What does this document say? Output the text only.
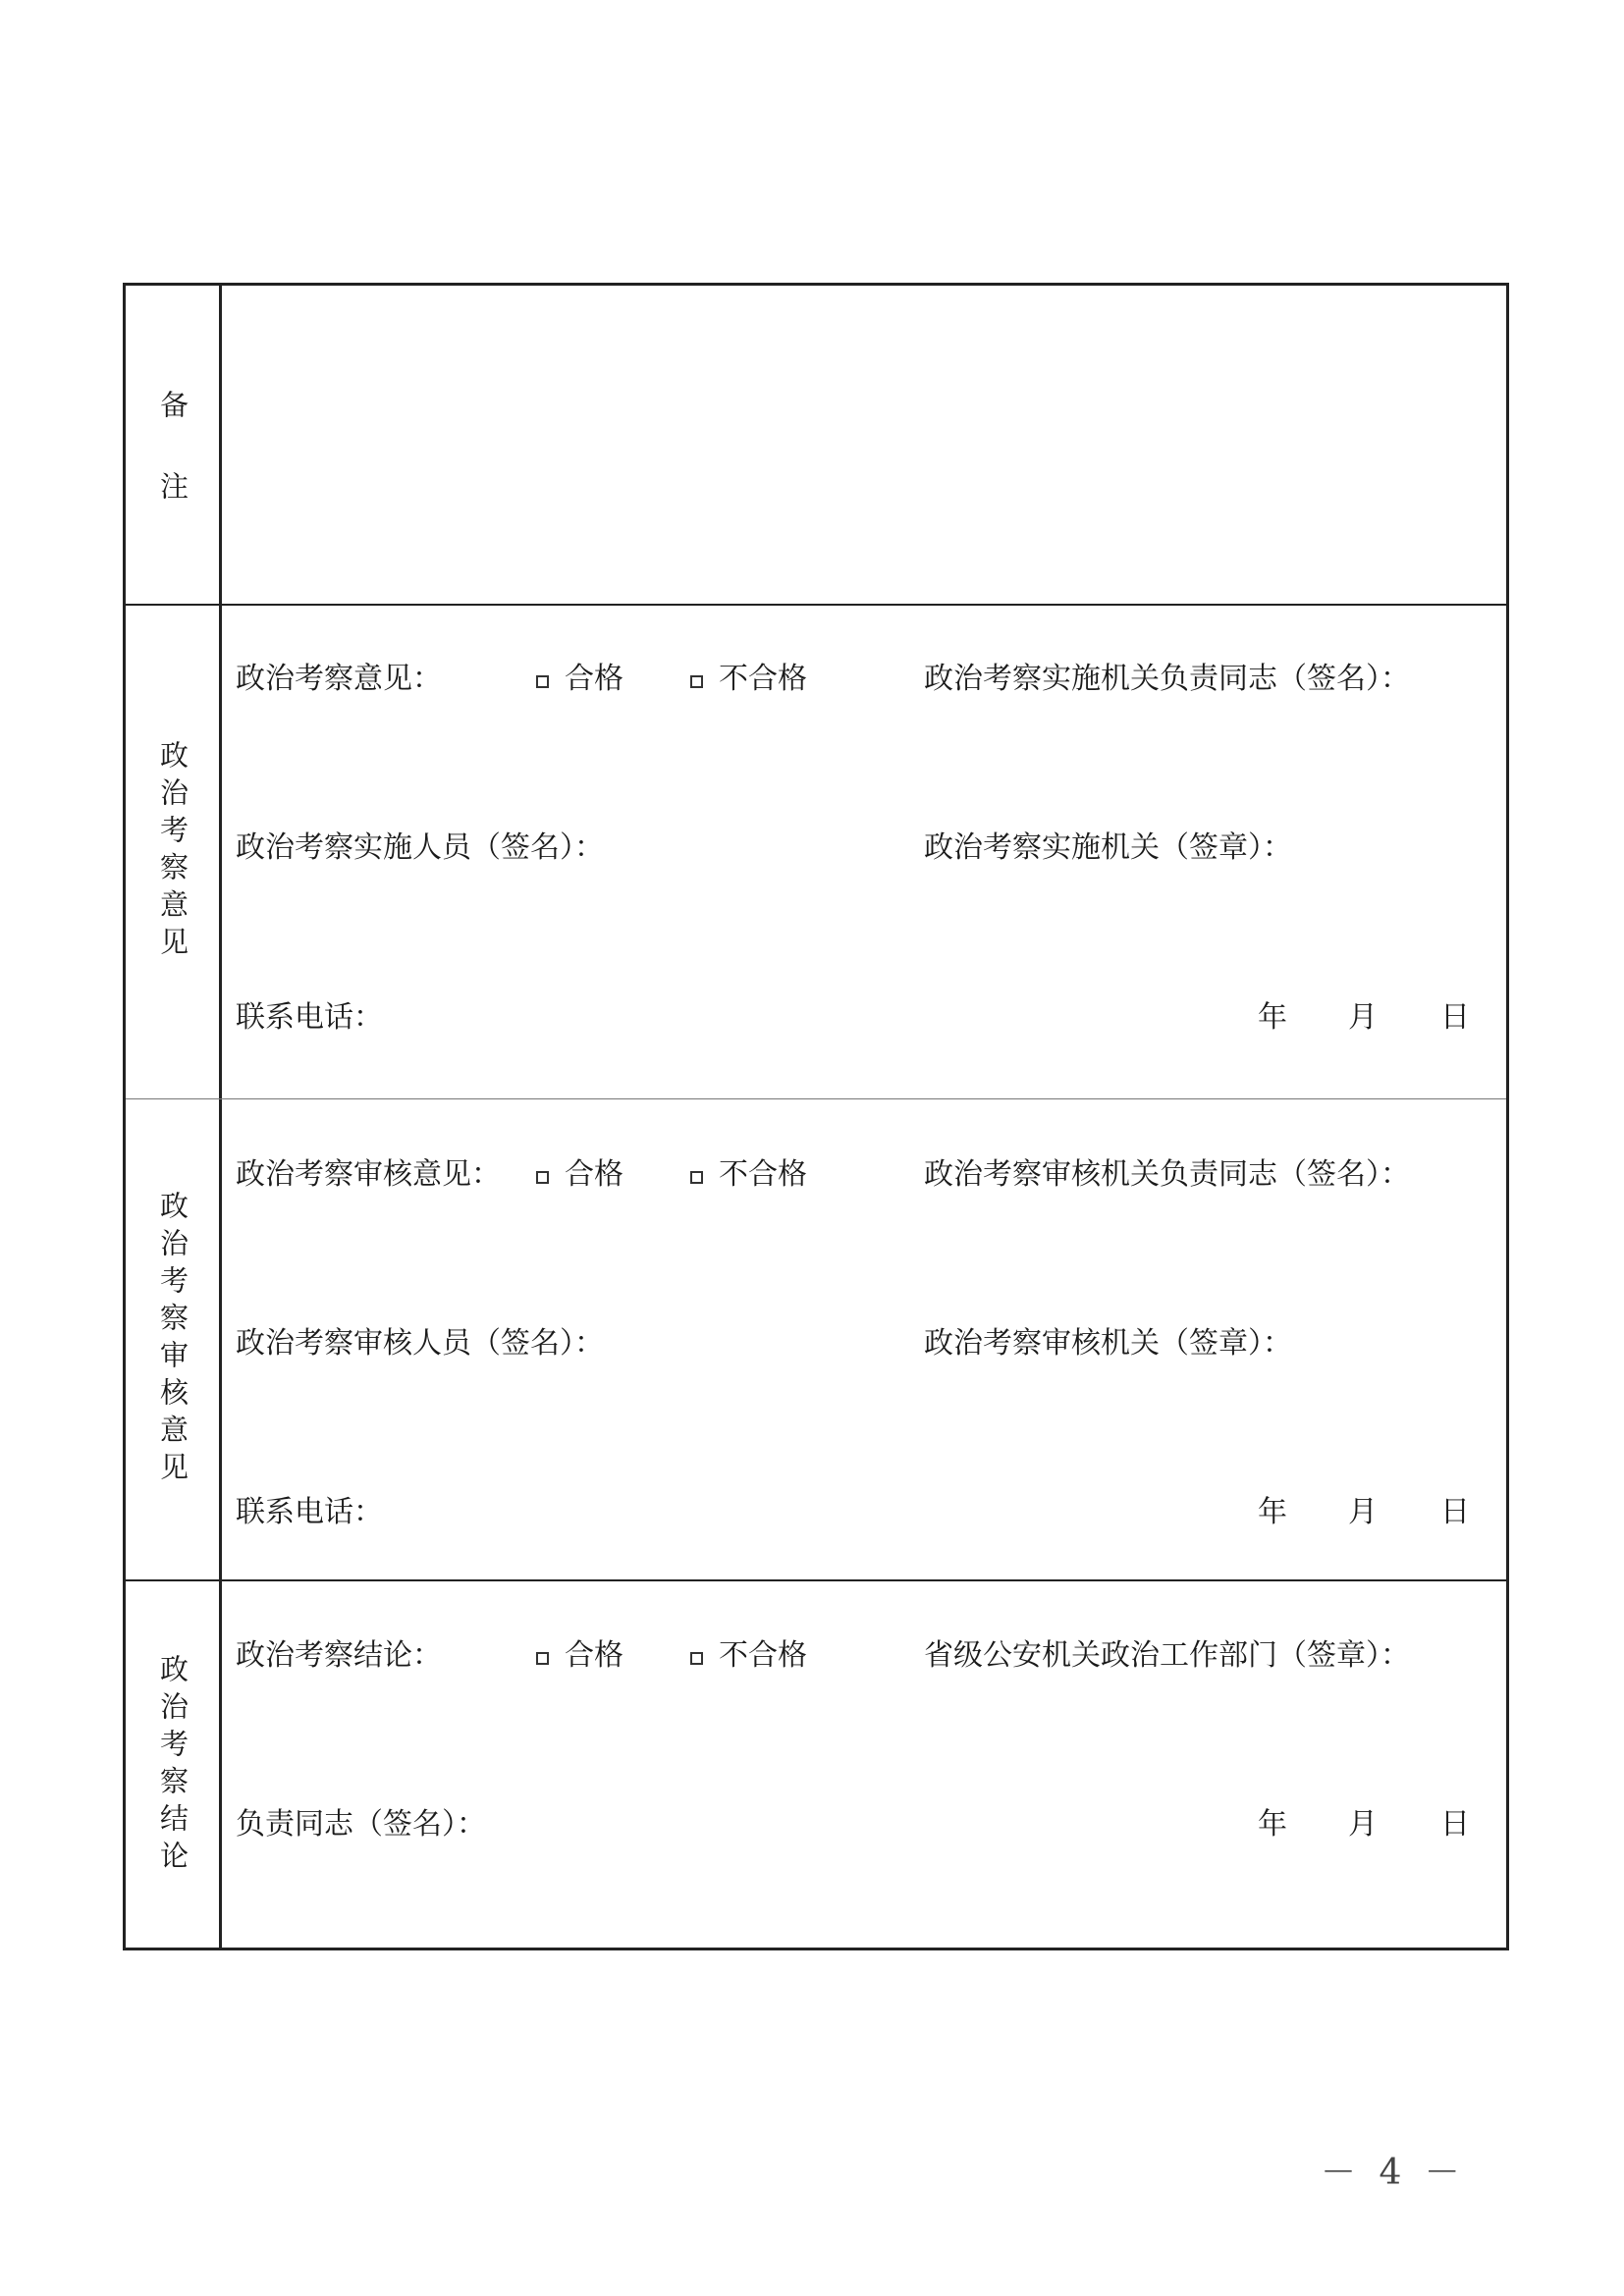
备注
政治考察意见
政治考察意见：	合格	不合格	政治考察实施机关负责同志（签名）：
政治考察实施人员（签名）：	政治考察实施机关（签章）：
联系电话：	年 月 日
政治考察审核意见
政治考察审核意见： 合格	不合格	政治考察审核机关负责同志（签名）：
政治考察审核人员（签名）：	政治考察审核机关（签章）：
联系电话：	年 月 日
政治考察结论 政治考察结论：	合格	不合格	省级公安机关政治工作部门（签章）：
负责同志（签名）：	年 月 日
－ 4 －
